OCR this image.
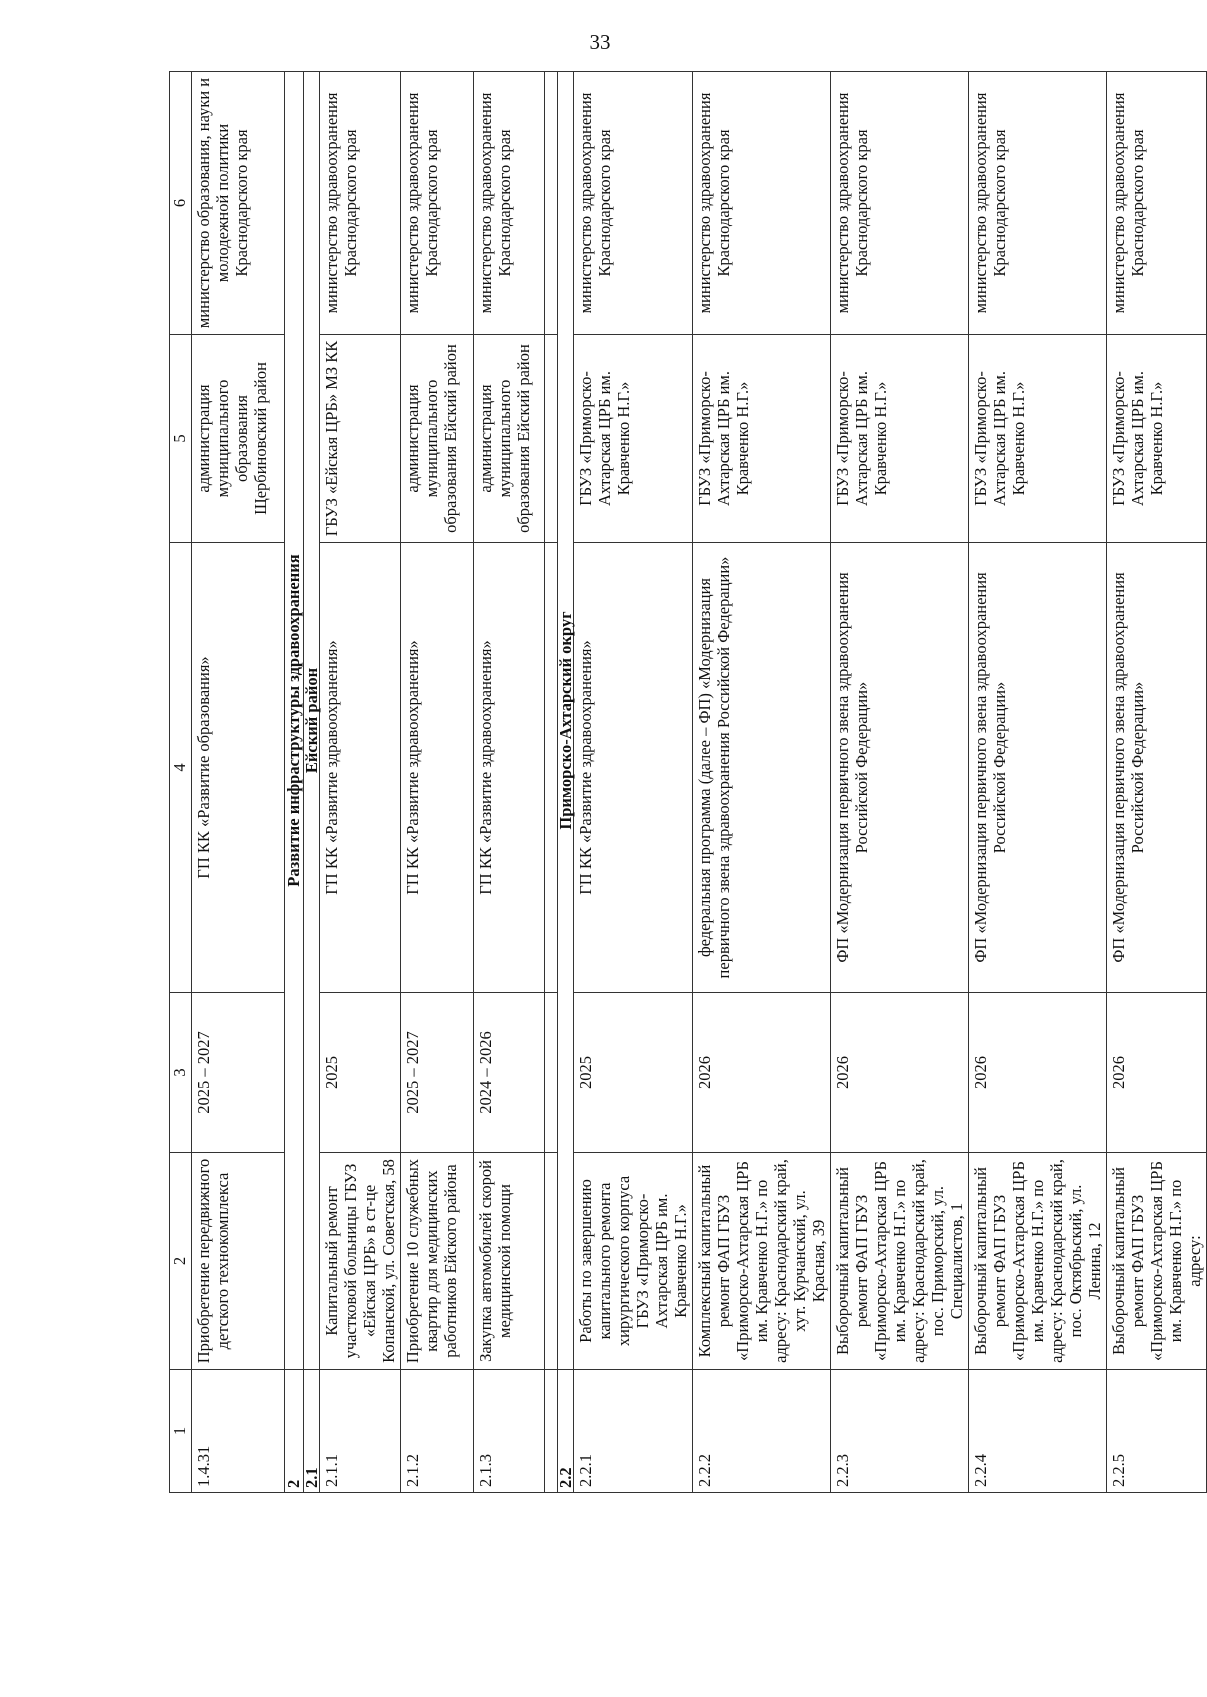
33
1	2	3	4	5	6
1.4.31	Приобретение передвижного детского технокомплекса	2025 – 2027	ГП КК «Развитие образования»	администрация муниципального образования Щербиновский район	министерство образования, науки и молодежной политики Краснодарского края
2	Развитие инфраструктуры здравоохранения				
2.1	Ейский район				
2.1.1	Капитальный ремонт участковой больницы ГБУЗ «Ейская ЦРБ» в ст-це Копанской, ул. Советская, 58	2025	ГП КК «Развитие здравоохранения»	ГБУЗ «Ейская ЦРБ» МЗ КК	министерство здравоохранения Краснодарского края
2.1.2	Приобретение 10 служебных квартир для медицинских работников Ейского района	2025 – 2027	ГП КК «Развитие здравоохранения»	администрация муниципального образования Ейский район	министерство здравоохранения Краснодарского края
2.1.3	Закупка автомобилей скорой медицинской помощи	2024 – 2026	ГП КК «Развитие здравоохранения»	администрация муниципального образования Ейский район	министерство здравоохранения Краснодарского края

2.2	Приморско-Ахтарский округ				
2.2.1	Работы по завершению капитального ремонта хирургического корпуса ГБУЗ «Приморско-Ахтарская ЦРБ им. Кравченко Н.Г.»	2025	ГП КК «Развитие здравоохранения»	ГБУЗ «Приморско-Ахтарская ЦРБ им. Кравченко Н.Г.»	министерство здравоохранения Краснодарского края
2.2.2	Комплексный капитальный ремонт ФАП ГБУЗ «Приморско-Ахтарская ЦРБ им. Кравченко Н.Г.» по адресу: Краснодарский край, хут. Курчанский, ул. Красная, 39	2026	федеральная программа (далее – ФП) «Модернизация первичного звена здравоохранения Российской Федерации»	ГБУЗ «Приморско-Ахтарская ЦРБ им. Кравченко Н.Г.»	министерство здравоохранения Краснодарского края
2.2.3	Выборочный капитальный ремонт ФАП ГБУЗ «Приморско-Ахтарская ЦРБ им. Кравченко Н.Г.» по адресу: Краснодарский край, пос. Приморский, ул. Специалистов, 1	2026	ФП «Модернизация первичного звена здравоохранения Российской Федерации»	ГБУЗ «Приморско-Ахтарская ЦРБ им. Кравченко Н.Г.»	министерство здравоохранения Краснодарского края
2.2.4	Выборочный капитальный ремонт ФАП ГБУЗ «Приморско-Ахтарская ЦРБ им. Кравченко Н.Г.» по адресу: Краснодарский край, пос. Октябрьский, ул. Ленина, 12	2026	ФП «Модернизация первичного звена здравоохранения Российской Федерации»	ГБУЗ «Приморско-Ахтарская ЦРБ им. Кравченко Н.Г.»	министерство здравоохранения Краснодарского края
2.2.5	Выборочный капитальный ремонт ФАП ГБУЗ «Приморско-Ахтарская ЦРБ им. Кравченко Н.Г.» по адресу:	2026	ФП «Модернизация первичного звена здравоохранения Российской Федерации»	ГБУЗ «Приморско-Ахтарская ЦРБ им. Кравченко Н.Г.»	министерство здравоохранения Краснодарского края
